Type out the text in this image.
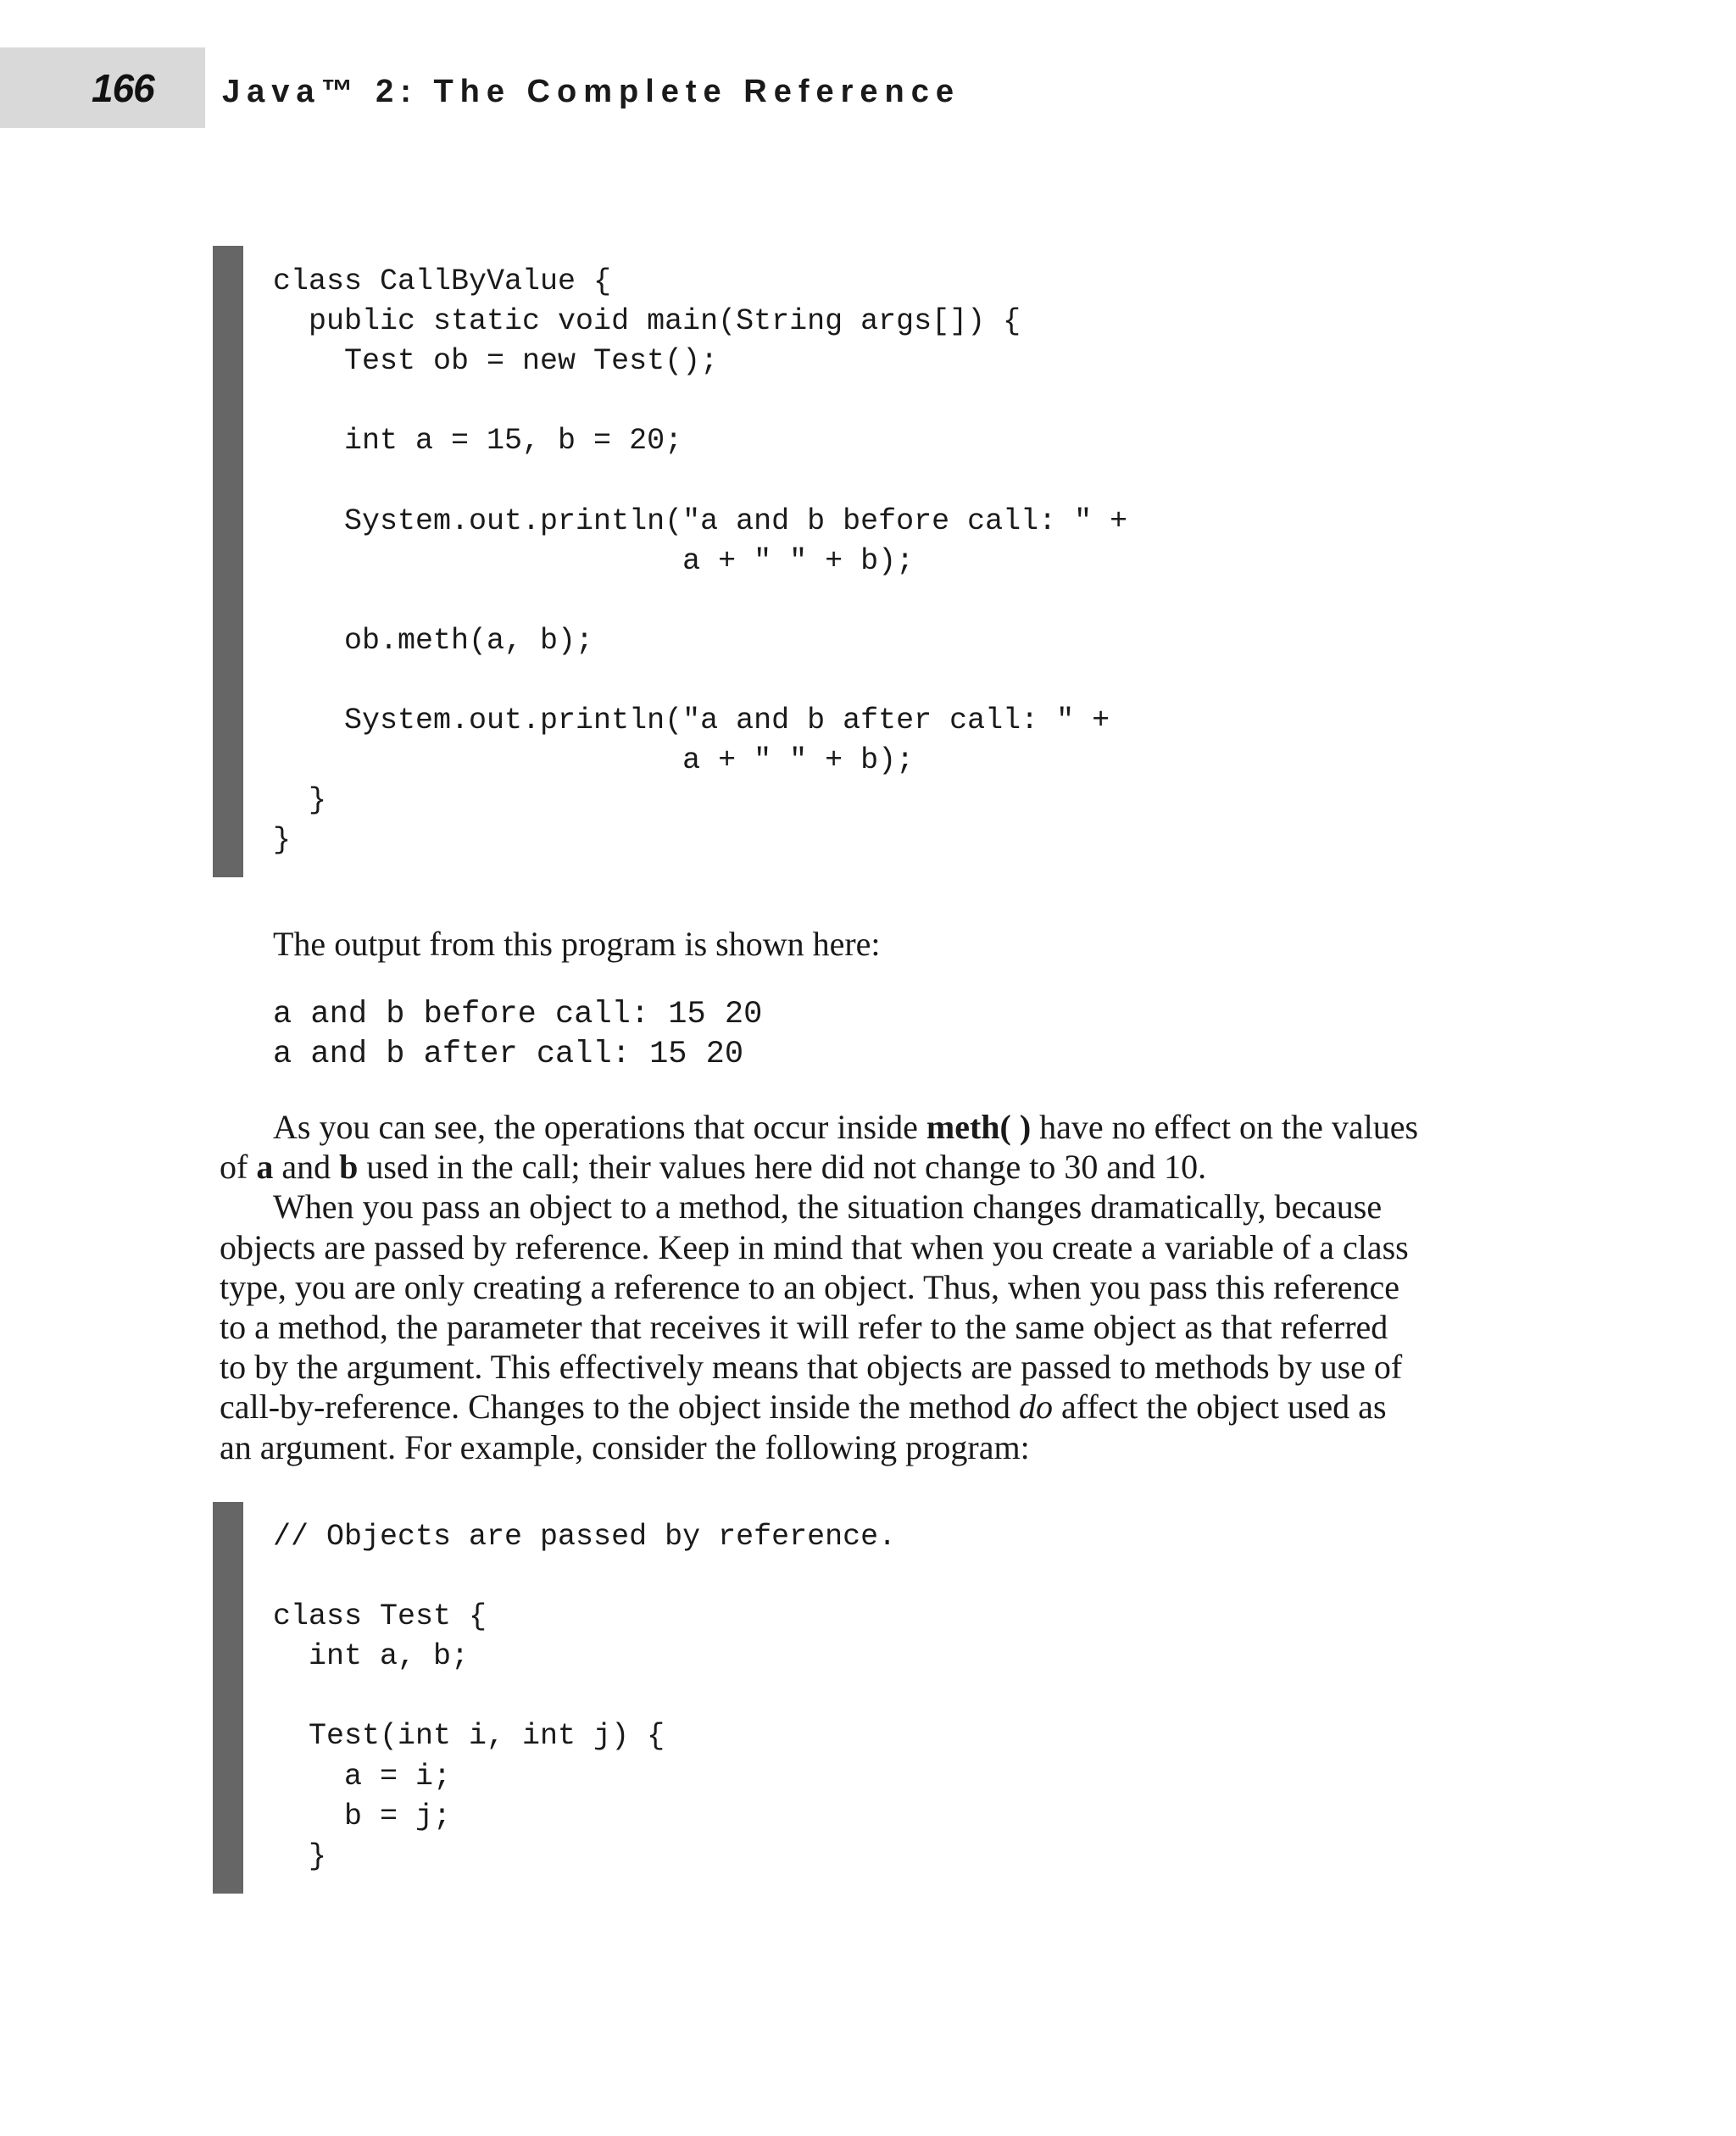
166 Java™ 2: The Complete Reference
class CallByValue {
public static void main(String args[]) {
Test ob = new Test();

int a = 15, b = 20;

System.out.println("a and b before call: " +
a + " " + b);

ob.meth(a, b);

System.out.println("a and b after call: " +
a + " " + b);
}
}
The output from this program is shown here:
a and b before call: 15 20
a and b after call: 15 20

As you can see, the operations that occur inside meth( ) have no effect on the values

of a and b used in the call; their values here did not change to 30 and 10.

When you pass an object to a method, the situation changes dramatically, because

objects are passed by reference. Keep in mind that when you create a variable of a class

type, you are only creating a reference to an object. Thus, when you pass this reference

to a method, the parameter that receives it will refer to the same object as that referred

to by the argument. This effectively means that objects are passed to methods by use of

call-by-reference. Changes to the object inside the method do affect the object used as

an argument. For example, consider the following program:

// Objects are passed by reference.

class Test {
int a, b;

Test(int i, int j) {
a = i;
b = j;
}
